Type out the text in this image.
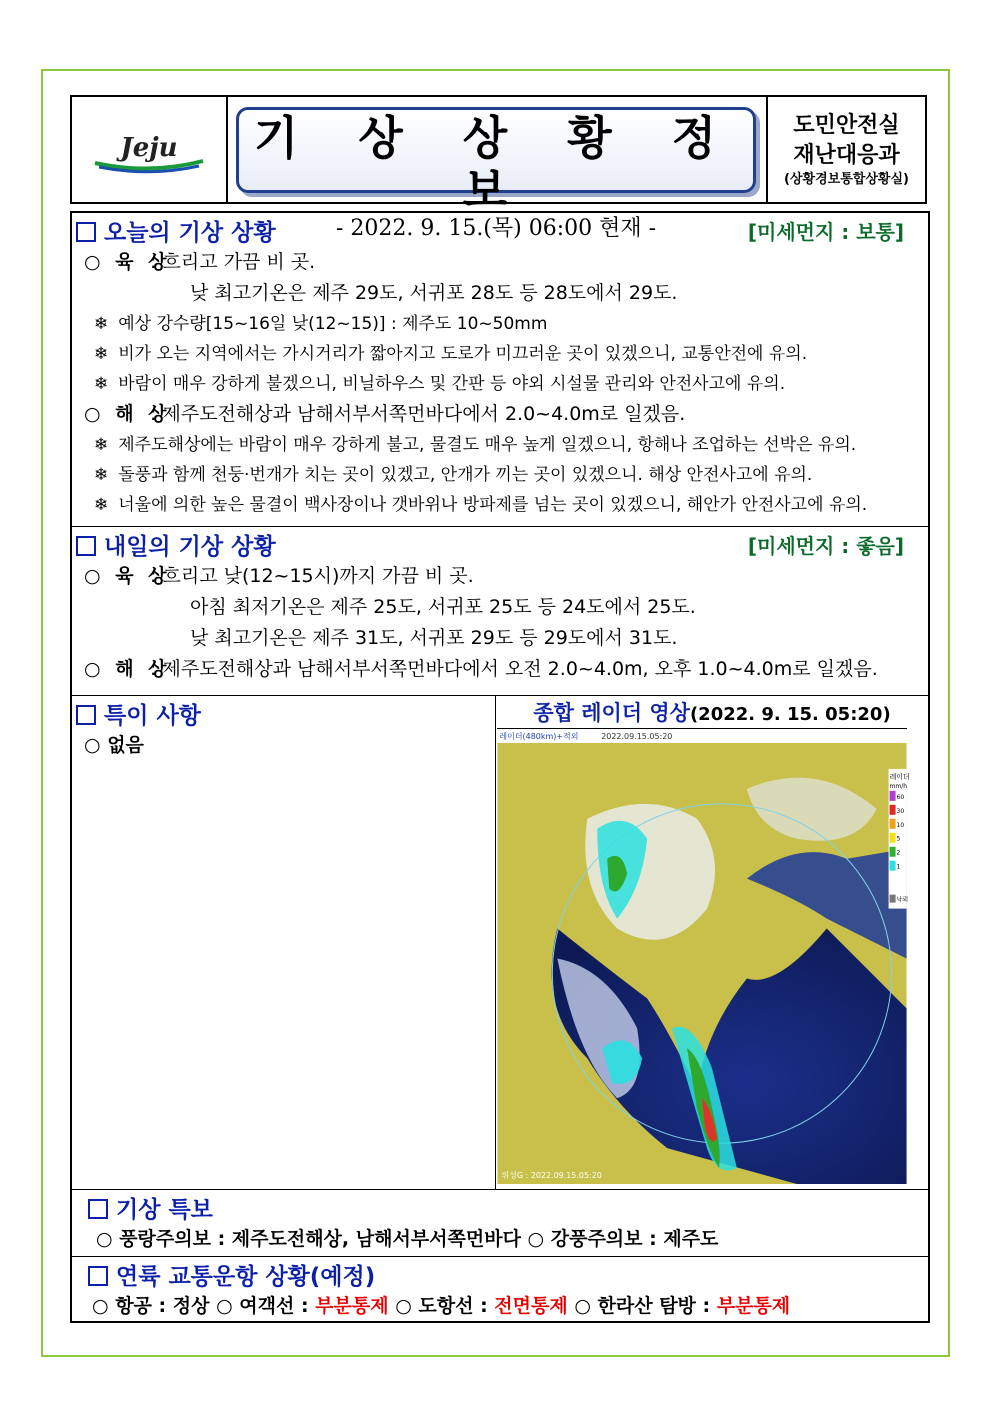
Jeju	기 상 상 황 정 보
- 2022. 9. 15.(목) 06:00 현재 -
도민안전실
재난대응과
(상황경보통합상황실)
오늘의 기상 상황	[미세먼지 : 보통]
○ 육 상 : 흐리고 가끔 비 곳.
낮 최고기온은 제주 29도, 서귀포 28도 등 28도에서 29도.
❄ 예상 강수량[15~16일 낮(12~15)] : 제주도 10~50mm
❄ 비가 오는 지역에서는 가시거리가 짧아지고 도로가 미끄러운 곳이 있겠으니, 교통안전에 유의.
❄ 바람이 매우 강하게 불겠으니, 비닐하우스 및 간판 등 야외 시설물 관리와 안전사고에 유의.
○ 해 상 : 제주도전해상과 남해서부서쪽먼바다에서 2.0~4.0m로 일겠음.
❄ 제주도해상에는 바람이 매우 강하게 불고, 물결도 매우 높게 일겠으니, 항해나 조업하는 선박은 유의.
❄ 돌풍과 함께 천둥·번개가 치는 곳이 있겠고, 안개가 끼는 곳이 있겠으니. 해상 안전사고에 유의.
❄ 너울에 의한 높은 물결이 백사장이나 갯바위나 방파제를 넘는 곳이 있겠으니, 해안가 안전사고에 유의.
내일의 기상 상황	[미세먼지 : 좋음]
○ 육 상 : 흐리고 낮(12~15시)까지 가끔 비 곳.
아침 최저기온은 제주 25도, 서귀포 25도 등 24도에서 25도.
낮 최고기온은 제주 31도, 서귀포 29도 등 29도에서 31도.
○ 해 상 : 제주도전해상과 남해서부서쪽먼바다에서 오전 2.0~4.0m, 오후 1.0~4.0m로 일겠음.
특이 사항
○ 없음
종합 레이더 영상(2022. 9. 15. 05:20)
레이더(480km)+적외	2022.09.15.05:20
레이더
mm/h
60
30
10
5
2
1
낙뢰
위성G : 2022.09.15.05:20
기상 특보
○ 풍랑주의보 : 제주도전해상, 남해서부서쪽먼바다 ○ 강풍주의보 : 제주도
연륙 교통운항 상황(예정)
○ 항공 : 정상 ○ 여객선 : 부분통제 ○ 도항선 : 전면통제 ○ 한라산 탐방 : 부분통제
